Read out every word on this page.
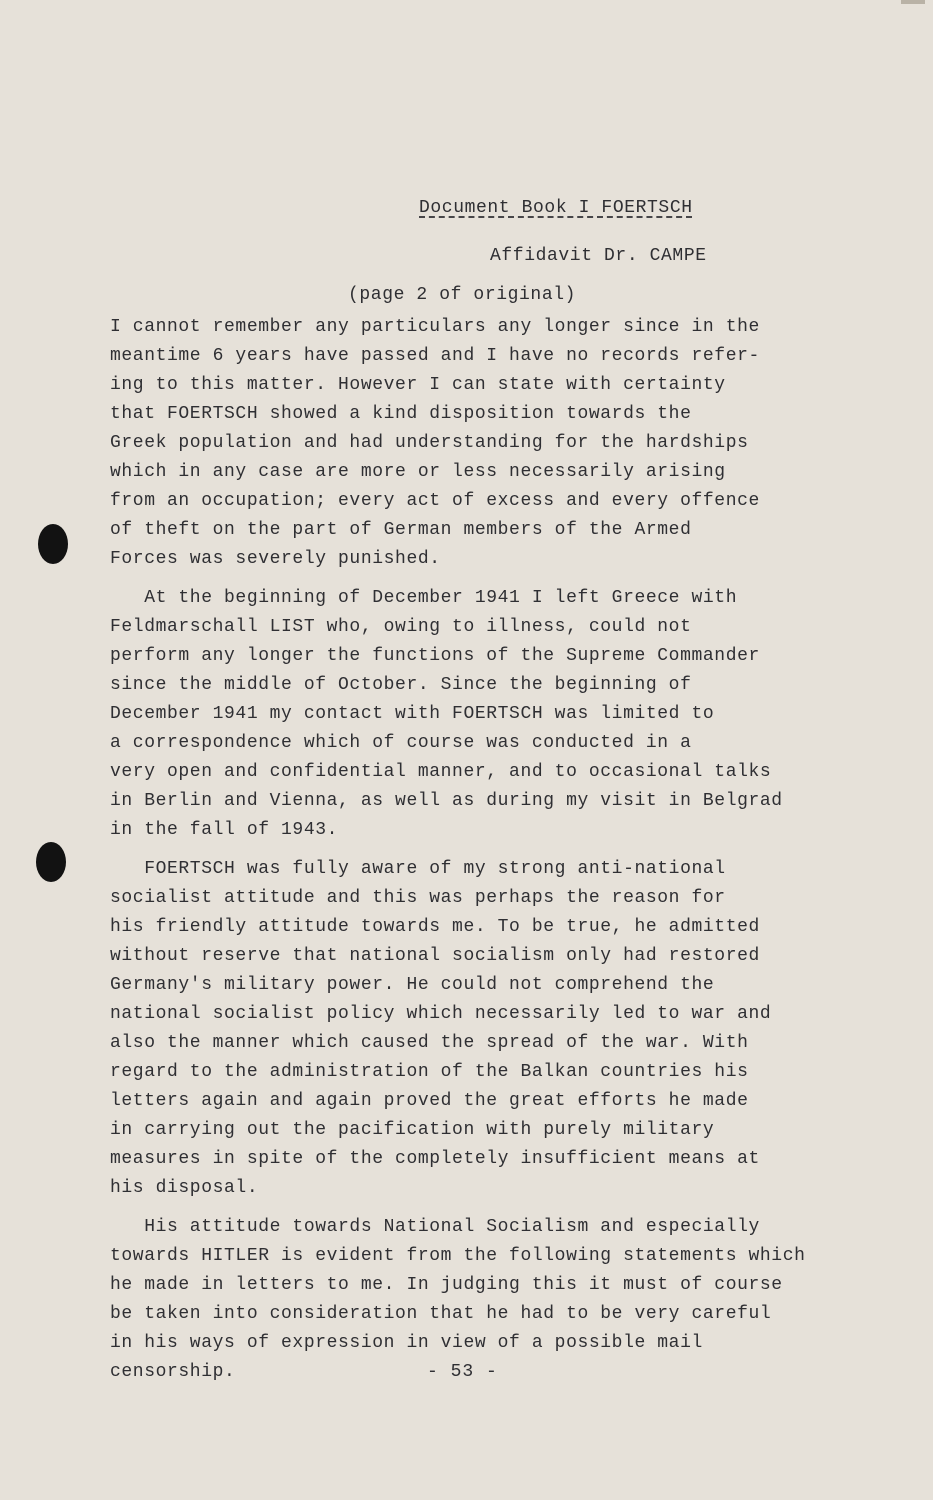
Document Book I FOERTSCH
Affidavit Dr. CAMPE
(page 2 of original)
I cannot remember any particulars any longer since in the
meantime 6 years have passed and I have no records refer-
ing to this matter. However I can state with certainty
that FOERTSCH showed a kind disposition towards the
Greek population and had understanding for the hardships
which in any case are more or less necessarily arising
from an occupation; every act of excess and every offence
of theft on the part of German members of the Armed
Forces was severely punished.
At the beginning of December 1941 I left Greece with
Feldmarschall LIST who, owing to illness, could not
perform any longer the functions of the Supreme Commander
since the middle of October. Since the beginning of
December 1941 my contact with FOERTSCH was limited to
a correspondence which of course was conducted in a
very open and confidential manner, and to occasional talks
in Berlin and Vienna, as well as during my visit in Belgrad
in the fall of 1943.
FOERTSCH was fully aware of my strong anti-national
socialist attitude and this was perhaps the reason for
his friendly attitude towards me. To be true, he admitted
without reserve that national socialism only had restored
Germany's military power. He could not comprehend the
national socialist policy which necessarily led to war and
also the manner which caused the spread of the war. With
regard to the administration of the Balkan countries his
letters again and again proved the great efforts he made
in carrying out the pacification with purely military
measures in spite of the completely insufficient means at
his disposal.
His attitude towards National Socialism and especially
towards HITLER is evident from the following statements which
he made in letters to me. In judging this it must of course
be taken into consideration that he had to be very careful
in his ways of expression in view of a possible mail
censorship.	- 53 -
